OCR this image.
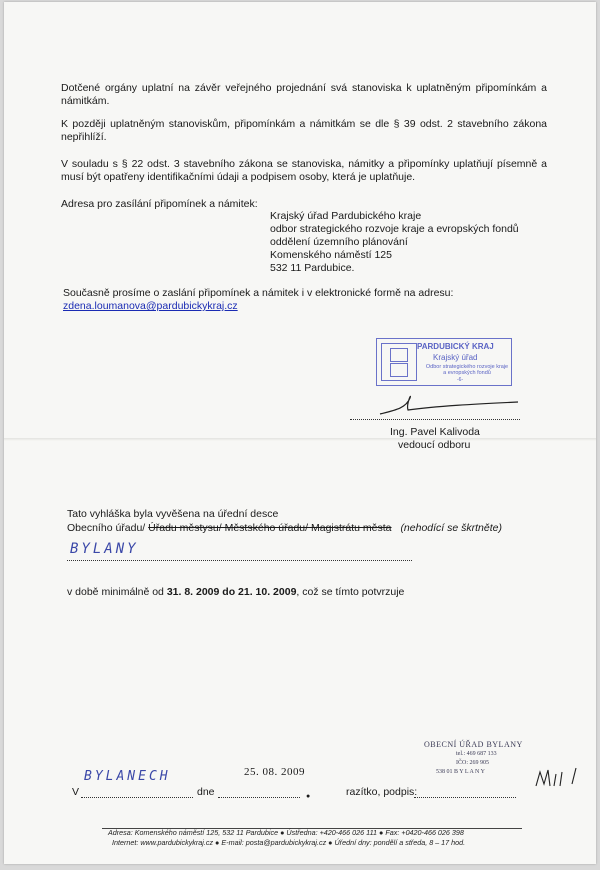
Dotčené orgány uplatní na závěr veřejného projednání svá stanoviska k uplatněným připomínkám a námitkám.
K později uplatněným stanoviskům, připomínkám a námitkám se dle § 39 odst. 2 stavebního zákona nepřihlíží.
V souladu s § 22 odst. 3 stavebního zákona se stanoviska, námitky a připomínky uplatňují písemně a musí být opatřeny identifikačními údaji a podpisem osoby, která je uplatňuje.
Adresa pro zasílání připomínek a námitek:
Krajský úřad Pardubického kraje
odbor strategického rozvoje kraje a evropských fondů
oddělení územního plánování
Komenského náměstí 125
532 11 Pardubice.
Současně prosíme o zaslání připomínek a námitek i v elektronické formě na adresu:
zdena.loumanova@pardubickykraj.cz
PARDUBICKÝ KRAJ
Krajský úřad
Odbor strategického rozvoje kraje a evropských fondů
-6-
Ing. Pavel Kalivoda
vedoucí odboru
Tato vyhláška byla vyvěšena na úřední desce
Obecního úřadu/ Úřadu městysu/ Městského úřadu/ Magistrátu města (nehodící se škrtněte)
BYLANY
v době minimálně od 31. 8. 2009 do 21. 10. 2009, což se tímto potvrzuje
BYLANECH	25. 08. 2009
V	dne	●	razítko, podpis:
OBECNÍ ÚŘAD BYLANY
tel.: 469 687 133
IČO: 269 905
538 01 B Y L A N Y
Adresa: Komenského náměstí 125, 532 11 Pardubice ● Ústředna: +420-466 026 111 ● Fax: +0420-466 026 398
Internet: www.pardubickykraj.cz ● E-mail: posta@pardubickykraj.cz ● Úřední dny: pondělí a středa, 8 – 17 hod.
